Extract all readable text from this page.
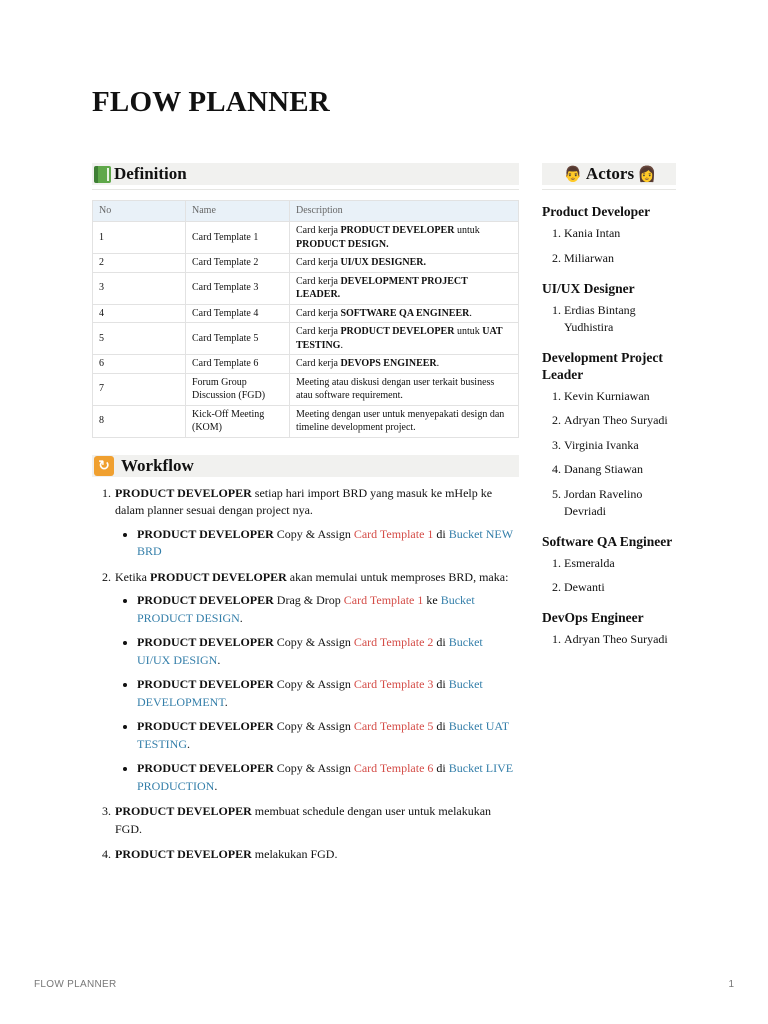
FLOW PLANNER
Definition
No	Name	Description
1	Card Template 1	Card kerja PRODUCT DEVELOPER untuk PRODUCT DESIGN.
2	Card Template 2	Card kerja UI/UX DESIGNER.
3	Card Template 3	Card kerja DEVELOPMENT PROJECT LEADER.
4	Card Template 4	Card kerja SOFTWARE QA ENGINEER.
5	Card Template 5	Card kerja PRODUCT DEVELOPER untuk UAT TESTING.
6	Card Template 6	Card kerja DEVOPS ENGINEER.
7	Forum Group Discussion (FGD)	Meeting atau diskusi dengan user terkait business atau software requirement.
8	Kick-Off Meeting (KOM)	Meeting dengan user untuk menyepakati design dan timeline development project.
↻ Workflow
1. PRODUCT DEVELOPER setiap hari import BRD yang masuk ke mHelp ke dalam planner sesuai dengan project nya.
• PRODUCT DEVELOPER Copy & Assign Card Template 1 di Bucket NEW BRD
2. Ketika PRODUCT DEVELOPER akan memulai untuk memproses BRD, maka:
• PRODUCT DEVELOPER Drag & Drop Card Template 1 ke Bucket PRODUCT DESIGN.
• PRODUCT DEVELOPER Copy & Assign Card Template 2 di Bucket UI/UX DESIGN.
• PRODUCT DEVELOPER Copy & Assign Card Template 3 di Bucket DEVELOPMENT.
• PRODUCT DEVELOPER Copy & Assign Card Template 5 di Bucket UAT TESTING.
• PRODUCT DEVELOPER Copy & Assign Card Template 6 di Bucket LIVE PRODUCTION.
3. PRODUCT DEVELOPER membuat schedule dengan user untuk melakukan FGD.
4. PRODUCT DEVELOPER melakukan FGD.
👨 Actors 👩
Product Developer
1. Kania Intan
2. Miliarwan
UI/UX Designer
1. Erdias Bintang Yudhistira
Development Project Leader
1. Kevin Kurniawan
2. Adryan Theo Suryadi
3. Virginia Ivanka
4. Danang Stiawan
5. Jordan Ravelino Devriadi
Software QA Engineer
1. Esmeralda
2. Dewanti
DevOps Engineer
1. Adryan Theo Suryadi
FLOW PLANNER	1
